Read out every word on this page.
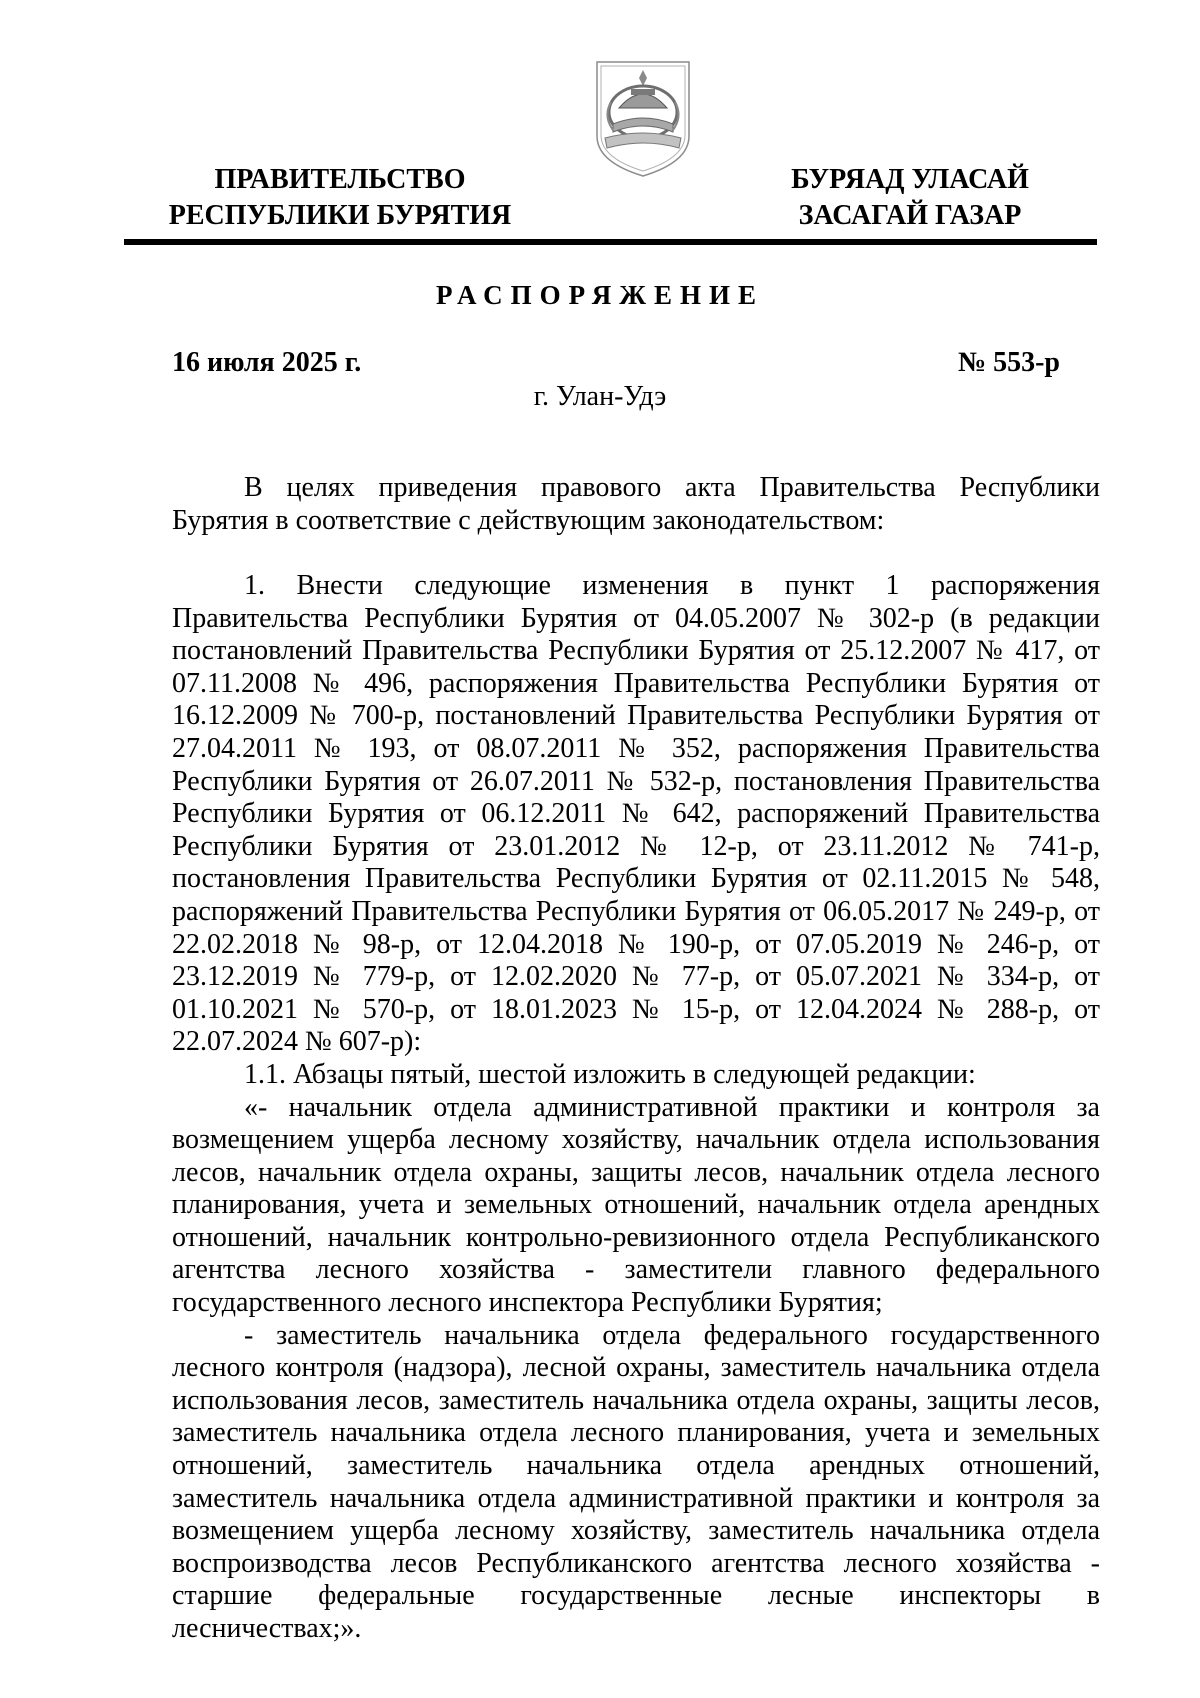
ПРАВИТЕЛЬСТВО
РЕСПУБЛИКИ БУРЯТИЯ
БУРЯАД УЛАСАЙ
ЗАСАГАЙ ГАЗАР
РАСПОРЯЖЕНИЕ
16 июля 2025 г.	№ 553-р
г. Улан-Удэ

В целях приведения правового акта Правительства Республики Бурятия в соответствие с действующим законодательством:

1. Внести следующие изменения в пункт 1 распоряжения Правительства Республики Бурятия от 04.05.2007 № 302-р (в редакции постановлений Правительства Республики Бурятия от 25.12.2007 № 417, от 07.11.2008 № 496, распоряжения Правительства Республики Бурятия от 16.12.2009 № 700-р, постановлений Правительства Республики Бурятия от 27.04.2011 № 193, от 08.07.2011 № 352, распоряжения Правительства Республики Бурятия от 26.07.2011 № 532-р, постановления Правительства Республики Бурятия от 06.12.2011 № 642, распоряжений Правительства Республики Бурятия от 23.01.2012 № 12-р, от 23.11.2012 № 741-р, постановления Правительства Республики Бурятия от 02.11.2015 № 548, распоряжений Правительства Республики Бурятия от 06.05.2017 № 249-р, от 22.02.2018 № 98-р, от 12.04.2018 № 190-р, от 07.05.2019 № 246-р, от 23.12.2019 № 779-р, от 12.02.2020 № 77-р, от 05.07.2021 № 334-р, от 01.10.2021 № 570-р, от 18.01.2023 № 15-р, от 12.04.2024 № 288-р, от 22.07.2024 № 607-р):

1.1. Абзацы пятый, шестой изложить в следующей редакции:

«- начальник отдела административной практики и контроля за возмещением ущерба лесному хозяйству, начальник отдела использования лесов, начальник отдела охраны, защиты лесов, начальник отдела лесного планирования, учета и земельных отношений, начальник отдела арендных отношений, начальник контрольно-ревизионного отдела Республиканского агентства лесного хозяйства - заместители главного федерального государственного лесного инспектора Республики Бурятия;

- заместитель начальника отдела федерального государственного лесного контроля (надзора), лесной охраны, заместитель начальника отдела использования лесов, заместитель начальника отдела охраны, защиты лесов, заместитель начальника отдела лесного планирования, учета и земельных отношений, заместитель начальника отдела арендных отношений, заместитель начальника отдела административной практики и контроля за возмещением ущерба лесному хозяйству, заместитель начальника отдела воспроизводства лесов Республиканского агентства лесного хозяйства - старшие федеральные государственные лесные инспекторы в лесничествах;».
